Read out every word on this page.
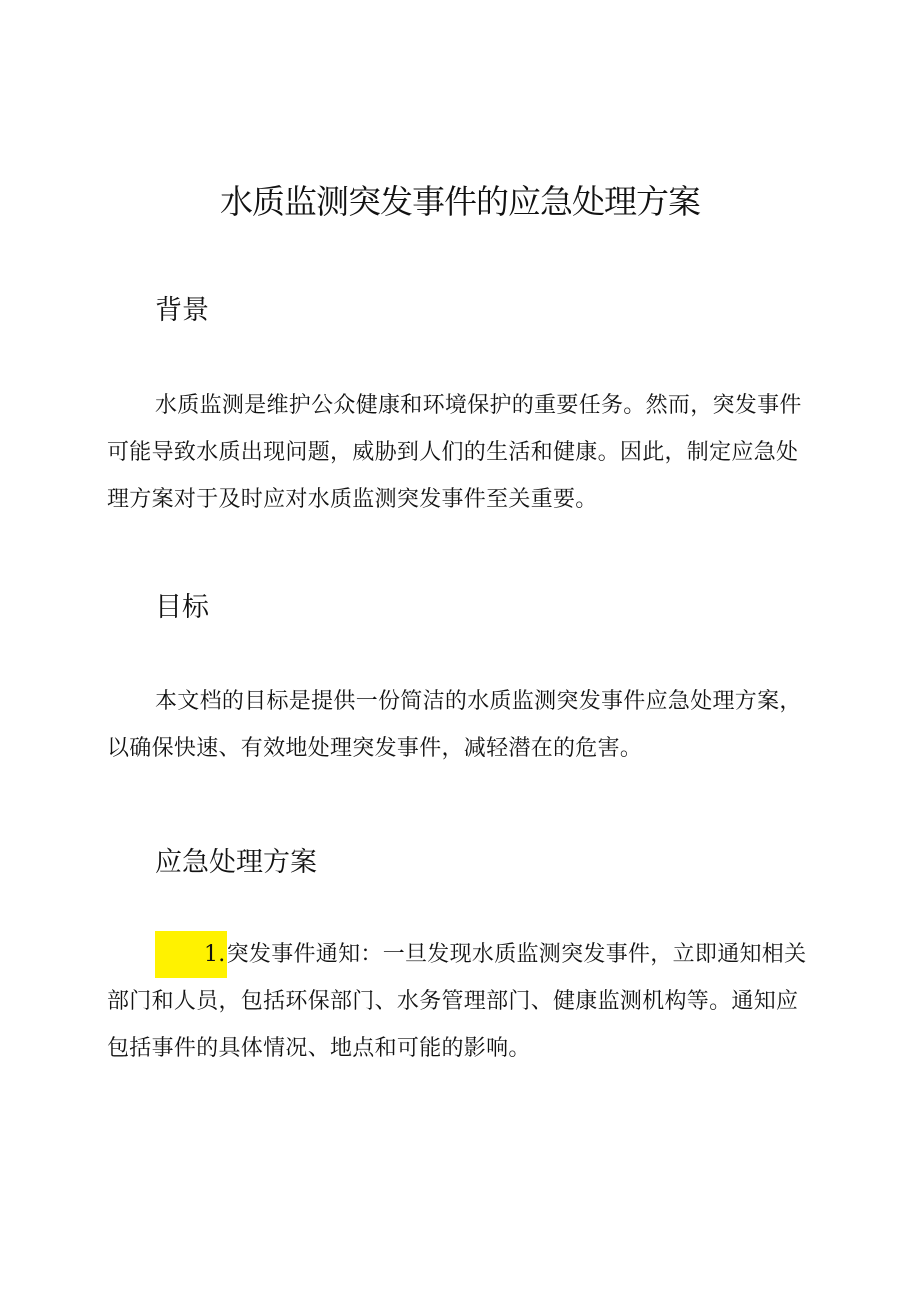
水质监测突发事件的应急处理方案
背景

水质监测是维护公众健康和环境保护的重要任务。然而，突发事件可能导致水质出现问题，威胁到人们的生活和健康。因此，制定应急处理方案对于及时应对水质监测突发事件至关重要。

目标

本文档的目标是提供一份简洁的水质监测突发事件应急处理方案，以确保快速、有效地处理突发事件，减轻潜在的危害。

应急处理方案

1.突发事件通知：一旦发现水质监测突发事件，立即通知相关部门和人员，包括环保部门、水务管理部门、健康监测机构等。通知应包括事件的具体情况、地点和可能的影响。
